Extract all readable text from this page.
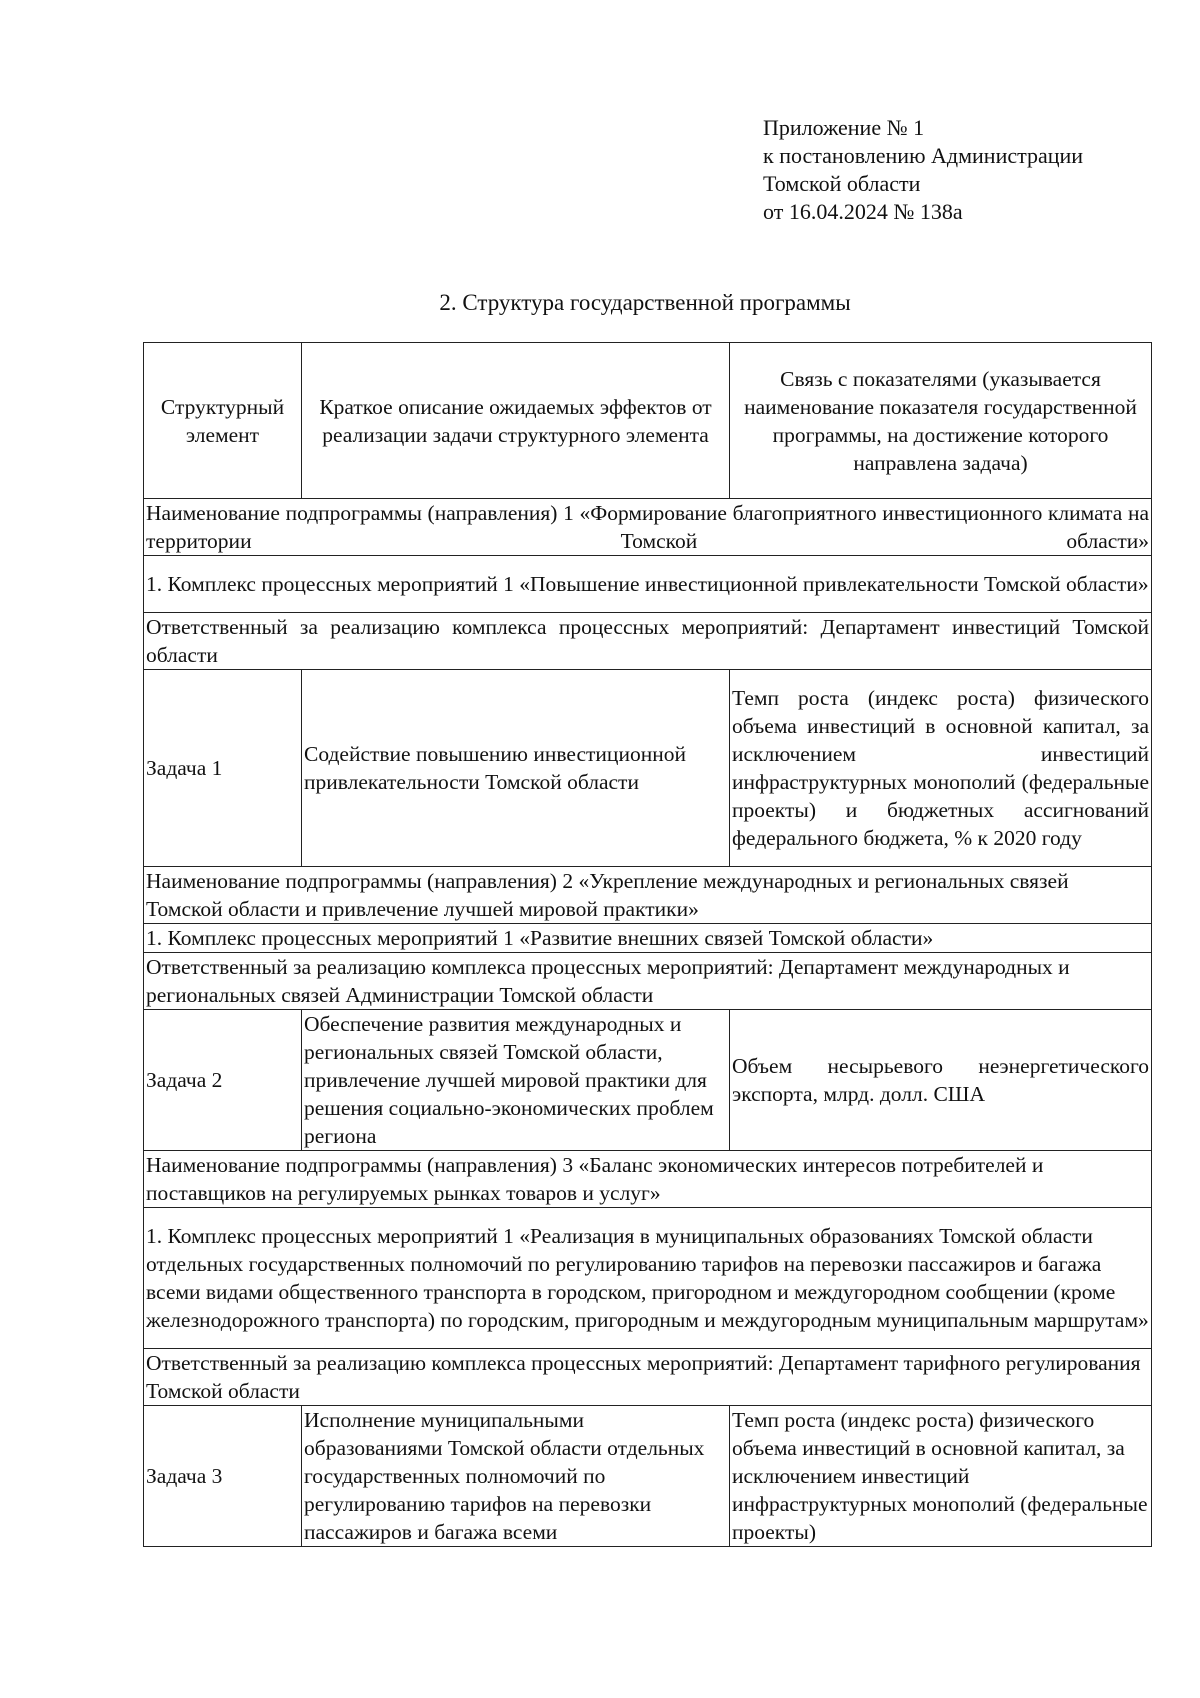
Приложение № 1
к постановлению Администрации
Томской области
от 16.04.2024 № 138а
2. Структура государственной программы
Структурный элемент	Краткое описание ожидаемых эффектов от реализации задачи структурного элемента	Связь с показателями (указывается наименование показателя государственной программы, на достижение которого направлена задача)
Наименование подпрограммы (направления) 1 «Формирование благоприятного инвестиционного климата на территории Томской области»		
1. Комплекс процессных мероприятий 1 «Повышение инвестиционной привлекательности Томской области»		
Ответственный за реализацию комплекса процессных мероприятий: Департамент инвестиций Томской области		
Задача 1	Содействие повышению инвестиционной привлекательности Томской области	Темп роста (индекс роста) физического объема инвестиций в основной капитал, за исключением инвестиций инфраструктурных монополий (федеральные проекты) и бюджетных ассигнований федерального бюджета, % к 2020 году
Наименование подпрограммы (направления) 2 «Укрепление международных и региональных связей Томской области и привлечение лучшей мировой практики»		
1. Комплекс процессных мероприятий 1 «Развитие внешних связей Томской области»		
Ответственный за реализацию комплекса процессных мероприятий: Департамент международных и региональных связей Администрации Томской области		
Задача 2	Обеспечение развития международных и региональных связей Томской области, привлечение лучшей мировой практики для решения социально-экономических проблем региона	Объем несырьевого неэнергетического экспорта, млрд. долл. США
Наименование подпрограммы (направления) 3 «Баланс экономических интересов потребителей и поставщиков на регулируемых рынках товаров и услуг»		
1. Комплекс процессных мероприятий 1 «Реализация в муниципальных образованиях Томской области отдельных государственных полномочий по регулированию тарифов на перевозки пассажиров и багажа всеми видами общественного транспорта в городском, пригородном и междугородном сообщении (кроме железнодорожного транспорта) по городским, пригородным и междугородным муниципальным маршрутам»		
Ответственный за реализацию комплекса процессных мероприятий: Департамент тарифного регулирования Томской области		
Задача 3	Исполнение муниципальными образованиями Томской области отдельных государственных полномочий по регулированию тарифов на перевозки пассажиров и багажа всеми	Темп роста (индекс роста) физического объема инвестиций в основной капитал, за исключением инвестиций инфраструктурных монополий (федеральные проекты)
